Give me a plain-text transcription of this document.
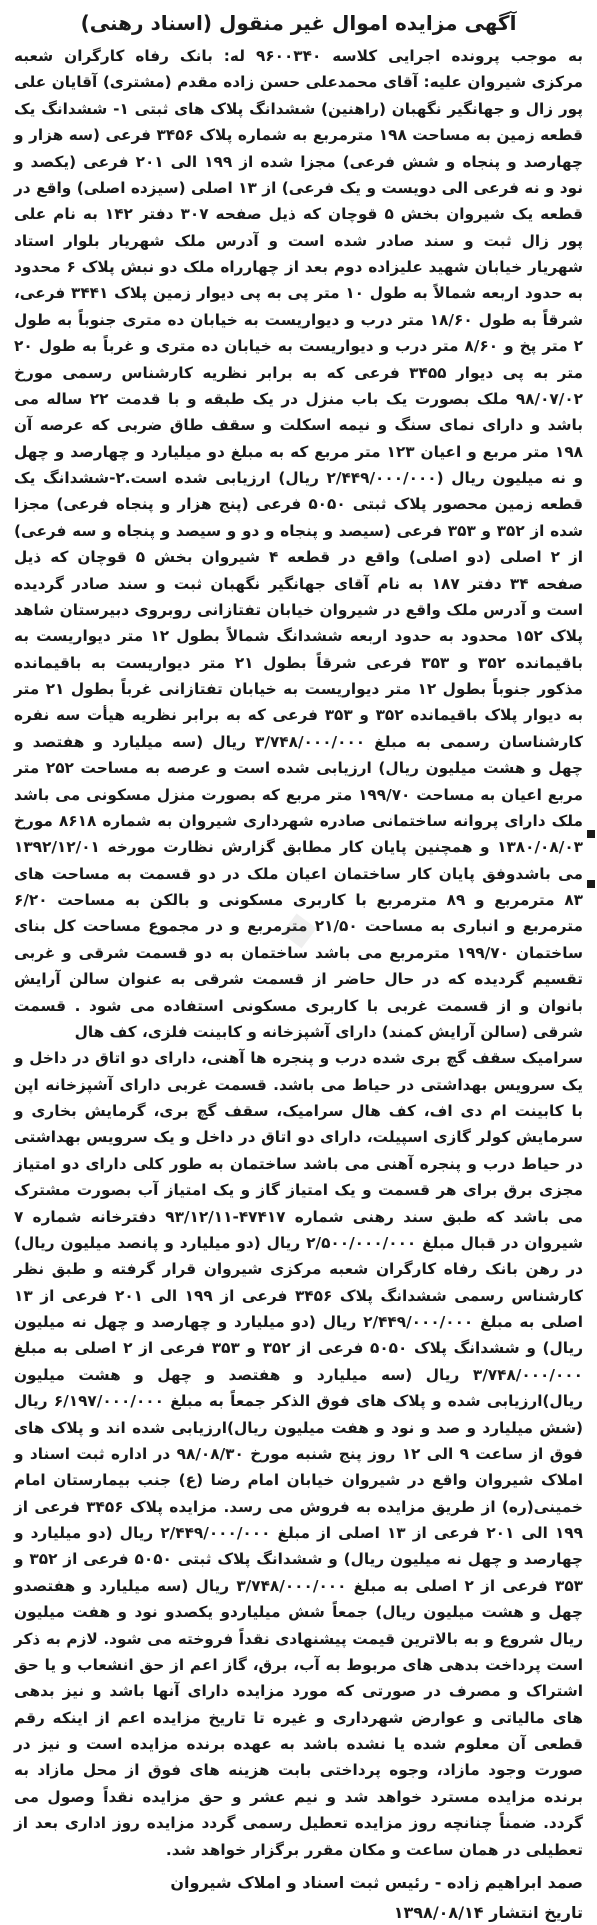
◆
آگهی مزایده اموال غیر منقول (اسناد رهنی)

به موجب پرونده اجرایی کلاسه ۹۶۰۰۳۴۰ له: بانک رفاه کارگران شعبه مرکزی شیروان علیه: آقای محمدعلی حسن زاده مقدم (مشتری) آقایان علی پور زال و جهانگیر نگهبان (راهنین) ششدانگ پلاک های ثبتی ۱- ششدانگ یک قطعه زمین به مساحت ۱۹۸ مترمربع به شماره پلاک ۳۴۵۶ فرعی (سه هزار و چهارصد و پنجاه و شش فرعی) مجزا شده از ۱۹۹ الی ۲۰۱ فرعی (یکصد و نود و نه فرعی الی دویست و یک فرعی) از ۱۳ اصلی (سیزده اصلی) واقع در قطعه یک شیروان بخش ۵ قوچان که ذیل صفحه ۳۰۷ دفتر ۱۴۲ به نام علی پور زال ثبت و سند صادر شده است و آدرس ملک شهریار بلوار استاد شهریار خیابان شهید علیزاده دوم بعد از چهارراه ملک دو نبش پلاک ۶ محدود به حدود اربعه شمالاً به طول ۱۰ متر پی به پی دیوار زمین پلاک ۳۴۴۱ فرعی، شرقاً به طول ۱۸/۶۰ متر درب و دیواریست به خیابان ده متری جنوباً به طول ۲ متر پخ و ۸/۶۰ متر درب و دیواریست به خیابان ده متری و غرباً به طول ۲۰ متر به پی دیوار ۳۴۵۵ فرعی که به برابر نظریه کارشناس رسمی مورخ ۹۸/۰۷/۰۲ ملک بصورت یک باب منزل در یک طبقه و با قدمت ۲۲ ساله می باشد و دارای نمای سنگ و نیمه اسکلت و سقف طاق ضربی که عرصه آن ۱۹۸ متر مربع و اعیان ۱۲۳ متر مربع که به مبلغ دو میلیارد و چهارصد و چهل و نه میلیون ریال (۲/۴۴۹/۰۰۰/۰۰۰ ریال) ارزیابی شده است.۲-ششدانگ یک قطعه زمین محصور پلاک ثبتی ۵۰۵۰ فرعی (پنج هزار و پنجاه فرعی) مجزا شده از ۳۵۲ و ۳۵۳ فرعی (سیصد و پنجاه و دو و سیصد و پنجاه و سه فرعی) از ۲ اصلی (دو اصلی) واقع در قطعه ۴ شیروان بخش ۵ قوچان که ذیل صفحه ۳۴ دفتر ۱۸۷ به نام آقای جهانگیر نگهبان ثبت و سند صادر گردیده است و آدرس ملک واقع در شیروان خیابان تفتازانی روبروی دبیرستان شاهد پلاک ۱۵۲ محدود به حدود اربعه ششدانگ شمالاً بطول ۱۲ متر دیواریست به باقیمانده ۳۵۲ و ۳۵۳ فرعی شرقاً بطول ۲۱ متر دیواریست به باقیمانده مذکور جنوباً بطول ۱۲ متر دیواریست به خیابان تفتازانی غرباً بطول ۲۱ متر به دیوار پلاک باقیمانده ۳۵۲ و ۳۵۳ فرعی که به برابر نظریه هیأت سه نفره کارشناسان رسمی به مبلغ ۳/۷۴۸/۰۰۰/۰۰۰ ریال (سه میلیارد و هفتصد و چهل و هشت میلیون ریال) ارزیابی شده است و عرصه به مساحت ۲۵۲ متر مربع اعیان به مساحت ۱۹۹/۷۰ متر مربع که بصورت منزل مسکونی می باشد ملک دارای پروانه ساختمانی صادره شهرداری شیروان به شماره ۸۶۱۸ مورخ ۱۳۸۰/۰۸/۰۳ و همچنین پایان کار مطابق گزارش نظارت مورخه ۱۳۹۲/۱۲/۰۱ می باشدوفق پایان کار ساختمان اعیان ملک در دو قسمت به مساحت های ۸۳ مترمربع و ۸۹ مترمربع با کاربری مسکونی و بالکن به مساحت ۶/۲۰ مترمربع و انباری به مساحت ۲۱/۵۰ مترمربع و در مجموع مساحت کل بنای ساختمان ۱۹۹/۷۰ مترمربع می باشد ساختمان به دو قسمت شرقی و غربی تقسیم گردیده که در حال حاضر از قسمت شرقی به عنوان سالن آرایش بانوان و از قسمت غربی با کاربری مسکونی استفاده می شود . قسمت شرقی (سالن آرایش کمند) دارای آشپزخانه و کابینت فلزی، کف هال

سرامیک سقف گچ بری شده درب و پنجره ها آهنی، دارای دو اتاق در داخل و یک سرویس بهداشتی در حیاط می باشد. قسمت غربی دارای آشپزخانه اپن با کابینت ام دی اف، کف هال سرامیک، سقف گچ بری، گرمایش بخاری و سرمایش کولر گازی اسپیلت، دارای دو اتاق در داخل و یک سرویس بهداشتی در حیاط درب و پنجره آهنی می باشد ساختمان به طور کلی دارای دو امتیاز مجزی برق برای هر قسمت و یک امتیاز گاز و یک امتیاز آب بصورت مشترک می باشد که طبق سند رهنی شماره ۴۷۴۱۷-۹۳/۱۲/۱۱ دفترخانه شماره ۷ شیروان در قبال مبلغ ۲/۵۰۰/۰۰۰/۰۰۰ ریال (دو میلیارد و پانصد میلیون ریال) در رهن بانک رفاه کارگران شعبه مرکزی شیروان قرار گرفته و طبق نظر کارشناس رسمی ششدانگ پلاک ۳۴۵۶ فرعی از ۱۹۹ الی ۲۰۱ فرعی از ۱۳ اصلی به مبلغ ۲/۴۴۹/۰۰۰/۰۰۰ ریال (دو میلیارد و چهارصد و چهل نه میلیون ریال) و ششدانگ پلاک ۵۰۵۰ فرعی از ۳۵۲ و ۳۵۳ فرعی از ۲ اصلی به مبلغ ۳/۷۴۸/۰۰۰/۰۰۰ ریال (سه میلیارد و هفتصد و چهل و هشت میلیون ریال)ارزیابی شده و پلاک های فوق الذکر جمعاً به مبلغ ۶/۱۹۷/۰۰۰/۰۰۰ ریال (شش میلیارد و صد و نود و هفت میلیون ریال)ارزیابی شده اند و پلاک های فوق از ساعت ۹ الی ۱۲ روز پنج شنبه مورخ ۹۸/۰۸/۳۰ در اداره ثبت اسناد و املاک شیروان واقع در شیروان خیابان امام رضا (ع) جنب بیمارستان امام خمینی(ره) از طریق مزایده به فروش می رسد. مزایده پلاک ۳۴۵۶ فرعی از ۱۹۹ الی ۲۰۱ فرعی از ۱۳ اصلی از مبلغ ۲/۴۴۹/۰۰۰/۰۰۰ ریال (دو میلیارد و چهارصد و چهل نه میلیون ریال) و ششدانگ پلاک ثبتی ۵۰۵۰ فرعی از ۳۵۲ و ۳۵۳ فرعی از ۲ اصلی به مبلغ ۳/۷۴۸/۰۰۰/۰۰۰ ریال (سه میلیارد و هفتصدو چهل و هشت میلیون ریال) جمعاً شش میلیاردو یکصدو نود و هفت میلیون ریال شروع و به بالاترین قیمت پیشنهادی نقداً فروخته می شود. لازم به ذکر است پرداخت بدهی های مربوط به آب، برق، گاز اعم از حق انشعاب و یا حق اشتراک و مصرف در صورتی که مورد مزایده دارای آنها باشد و نیز بدهی های مالیاتی و عوارض شهرداری و غیره تا تاریخ مزایده اعم از اینکه رقم قطعی آن معلوم شده یا نشده باشد به عهده برنده مزایده است و نیز در صورت وجود مازاد، وجوه پرداختی بابت هزینه های فوق از محل مازاد به برنده مزایده مسترد خواهد شد و نیم عشر و حق مزایده نقداً وصول می گردد. ضمناً چنانچه روز مزایده تعطیل رسمی گردد مزایده روز اداری بعد از تعطیلی در همان ساعت و مکان مقرر برگزار خواهد شد.

صمد ابراهیم زاده - رئیس ثبت اسناد و املاک شیروان
تاریخ انتشار ۱۳۹۸/۰۸/۱۴
